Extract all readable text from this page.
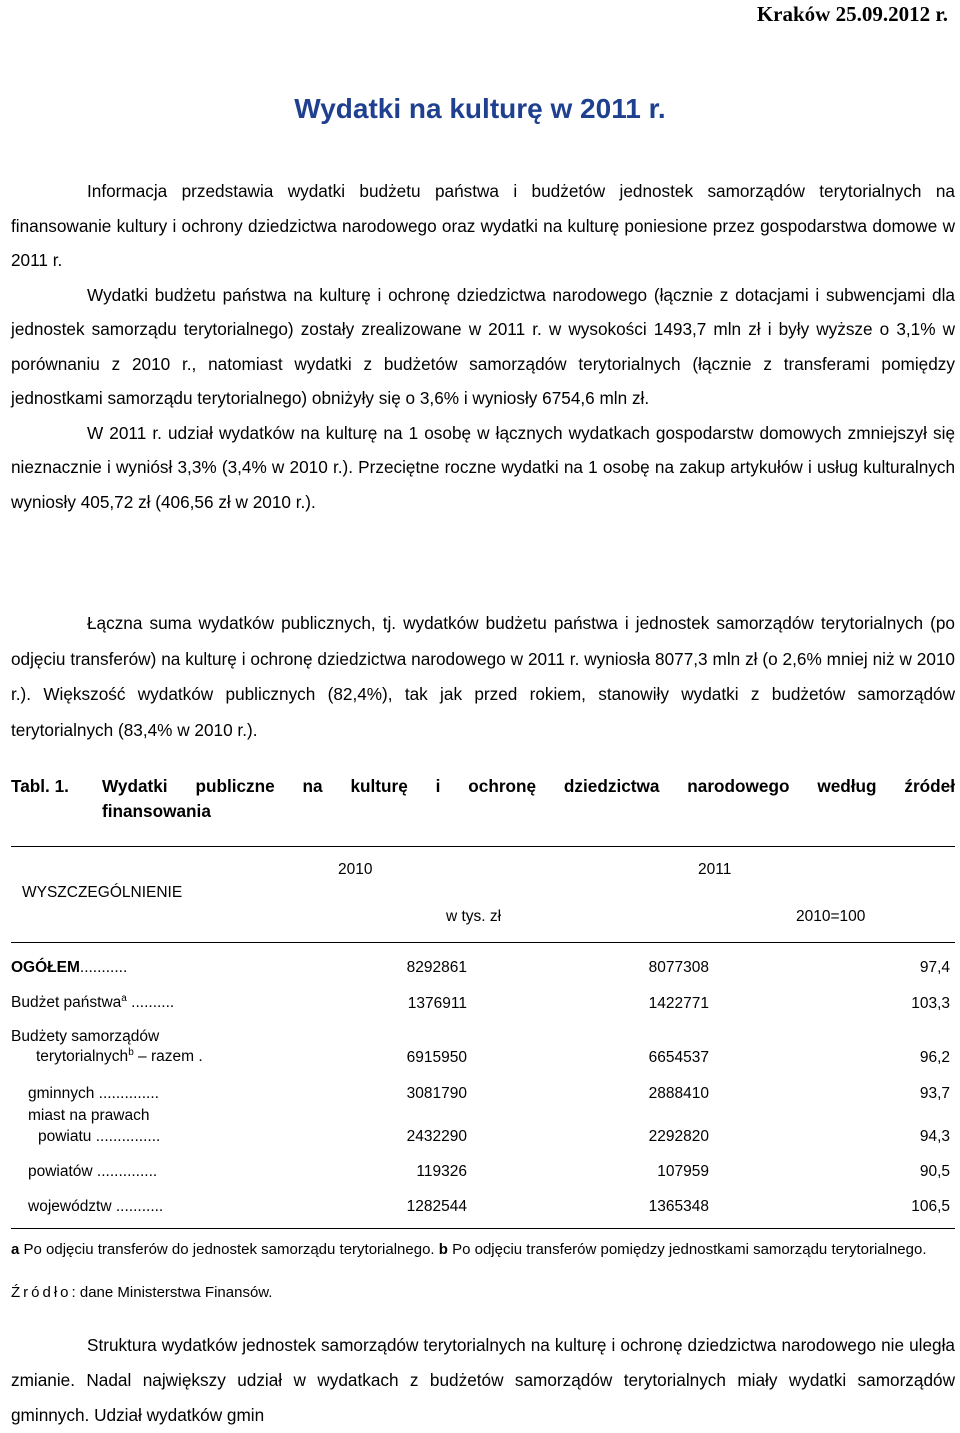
Kraków 25.09.2012 r.
Wydatki na kulturę w 2011 r.

Informacja przedstawia wydatki budżetu państwa i budżetów jednostek samorządów terytorialnych na finansowanie kultury i ochrony dziedzictwa narodowego oraz wydatki na kulturę poniesione przez gospodarstwa domowe w 2011 r.

Wydatki budżetu państwa na kulturę i ochronę dziedzictwa narodowego (łącznie z dotacjami i subwencjami dla jednostek samorządu terytorialnego) zostały zrealizowane w 2011 r. w wysokości 1493,7 mln zł i były wyższe o 3,1% w porównaniu z 2010 r., natomiast wydatki z budżetów samorządów terytorialnych (łącznie z transferami pomiędzy jednostkami samorządu terytorialnego) obniżyły się o 3,6% i wyniosły 6754,6 mln zł.

W 2011 r. udział wydatków na kulturę na 1 osobę w łącznych wydatkach gospodarstw domowych zmniejszył się nieznacznie i wyniósł 3,3% (3,4% w 2010 r.). Przeciętne roczne wydatki na 1 osobę na zakup artykułów i usług kulturalnych wyniosły 405,72 zł (406,56 zł w 2010 r.).

Łączna suma wydatków publicznych, tj. wydatków budżetu państwa i jednostek samorządów terytorialnych (po odjęciu transferów) na kulturę i ochronę dziedzictwa narodowego w 2011 r. wyniosła 8077,3 mln zł (o 2,6% mniej niż w 2010 r.). Większość wydatków publicznych (82,4%), tak jak przed rokiem, stanowiły wydatki z budżetów samorządów terytorialnych (83,4% w 2010 r.).

Tabl. 1. Wydatki publiczne na kulturę i ochronę dziedzictwa narodowego według źródeł
finansowania
WYSZCZEGÓLNIENIE
2010	2011
w tys. zł	2010=100
OGÓŁEM...........	8292861	8077308	97,4
Budżet państwa$^a$ ..........	1376911	1422771	103,3
Budżety samorządów
terytorialnych$^b$ – razem .	6915950	6654537	96,2
gminnych ..............	3081790	2888410	93,7
miast na prawach
powiatu ...............	2432290	2292820	94,3
powiatów ..............	119326	107959	90,5
województw ...........	1282544	1365348	106,5
a Po odjęciu transferów do jednostek samorządu terytorialnego. b Po odjęciu transferów pomiędzy jednostkami samorządu terytorialnego.
Źródło: dane Ministerstwa Finansów.

Struktura wydatków jednostek samorządów terytorialnych na kulturę i ochronę dziedzictwa narodowego nie uległa zmianie. Nadal największy udział w wydatkach z budżetów samorządów terytorialnych miały wydatki samorządów gminnych. Udział wydatków gmin
